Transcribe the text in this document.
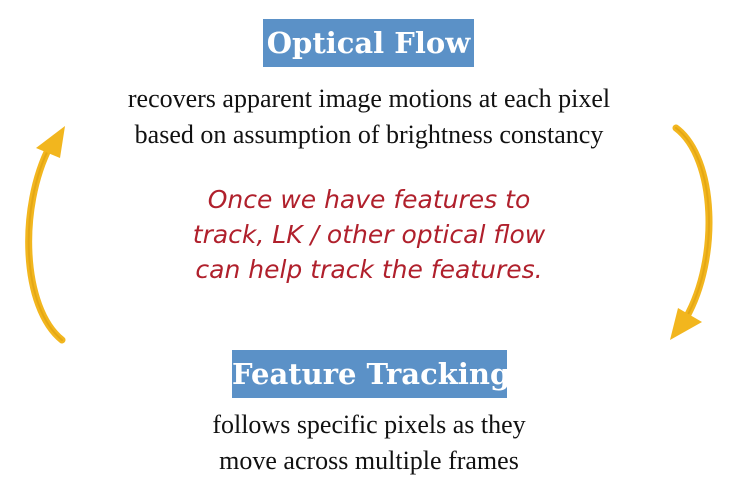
Optical Flow
recovers apparent image motions at each pixel
based on assumption of brightness constancy
Once we have features to
track, LK / other optical flow
can help track the features.
Feature Tracking
follows specific pixels as they
move across multiple frames
